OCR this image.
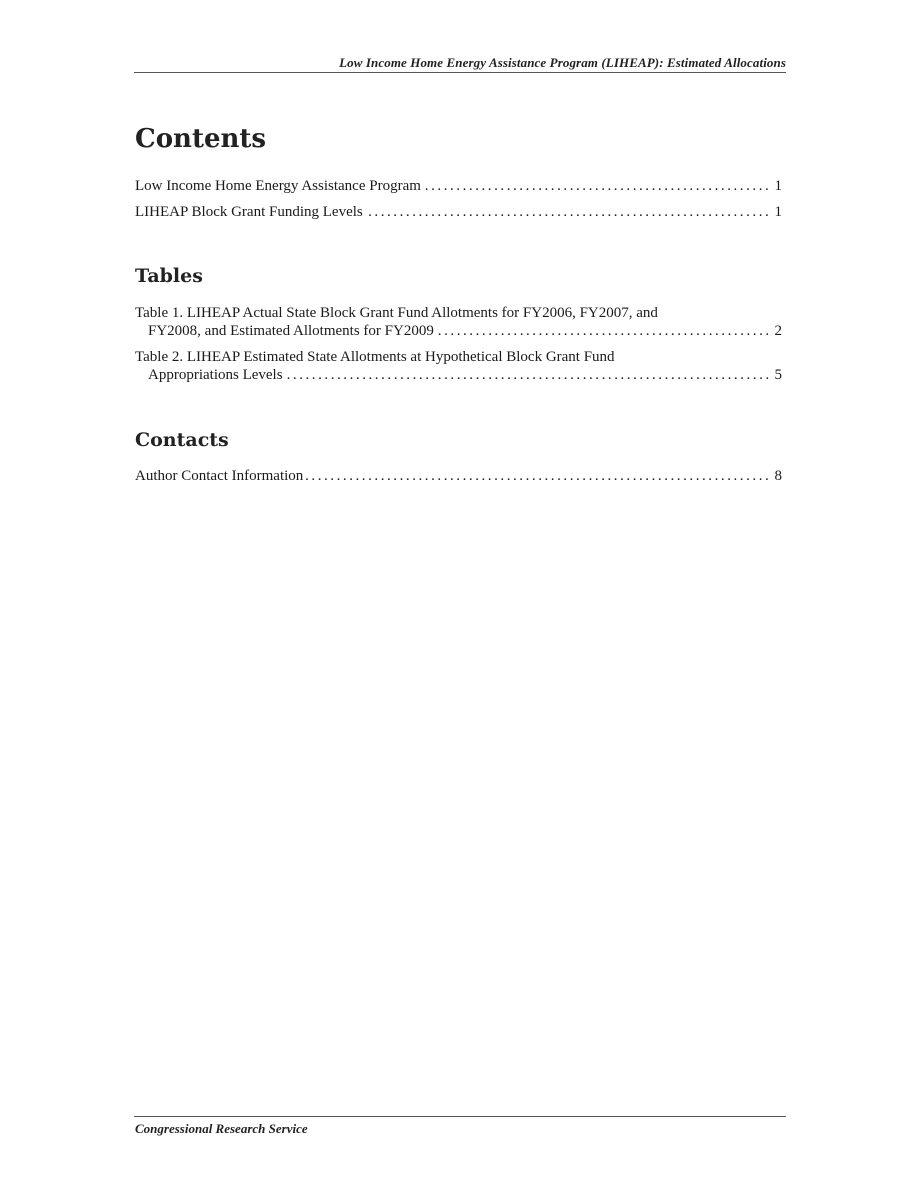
Low Income Home Energy Assistance Program (LIHEAP): Estimated Allocations
Contents
Low Income Home Energy Assistance Program . . .	1
LIHEAP Block Grant Funding Levels . . .	1
Tables
Table 1. LIHEAP Actual State Block Grant Fund Allotments for FY2006, FY2007, and
FY2008, and Estimated Allotments for FY2009 . . .	2
Table 2. LIHEAP Estimated State Allotments at Hypothetical Block Grant Fund
Appropriations Levels . . .	5
Contacts
Author Contact Information . . .	8
Congressional Research Service
